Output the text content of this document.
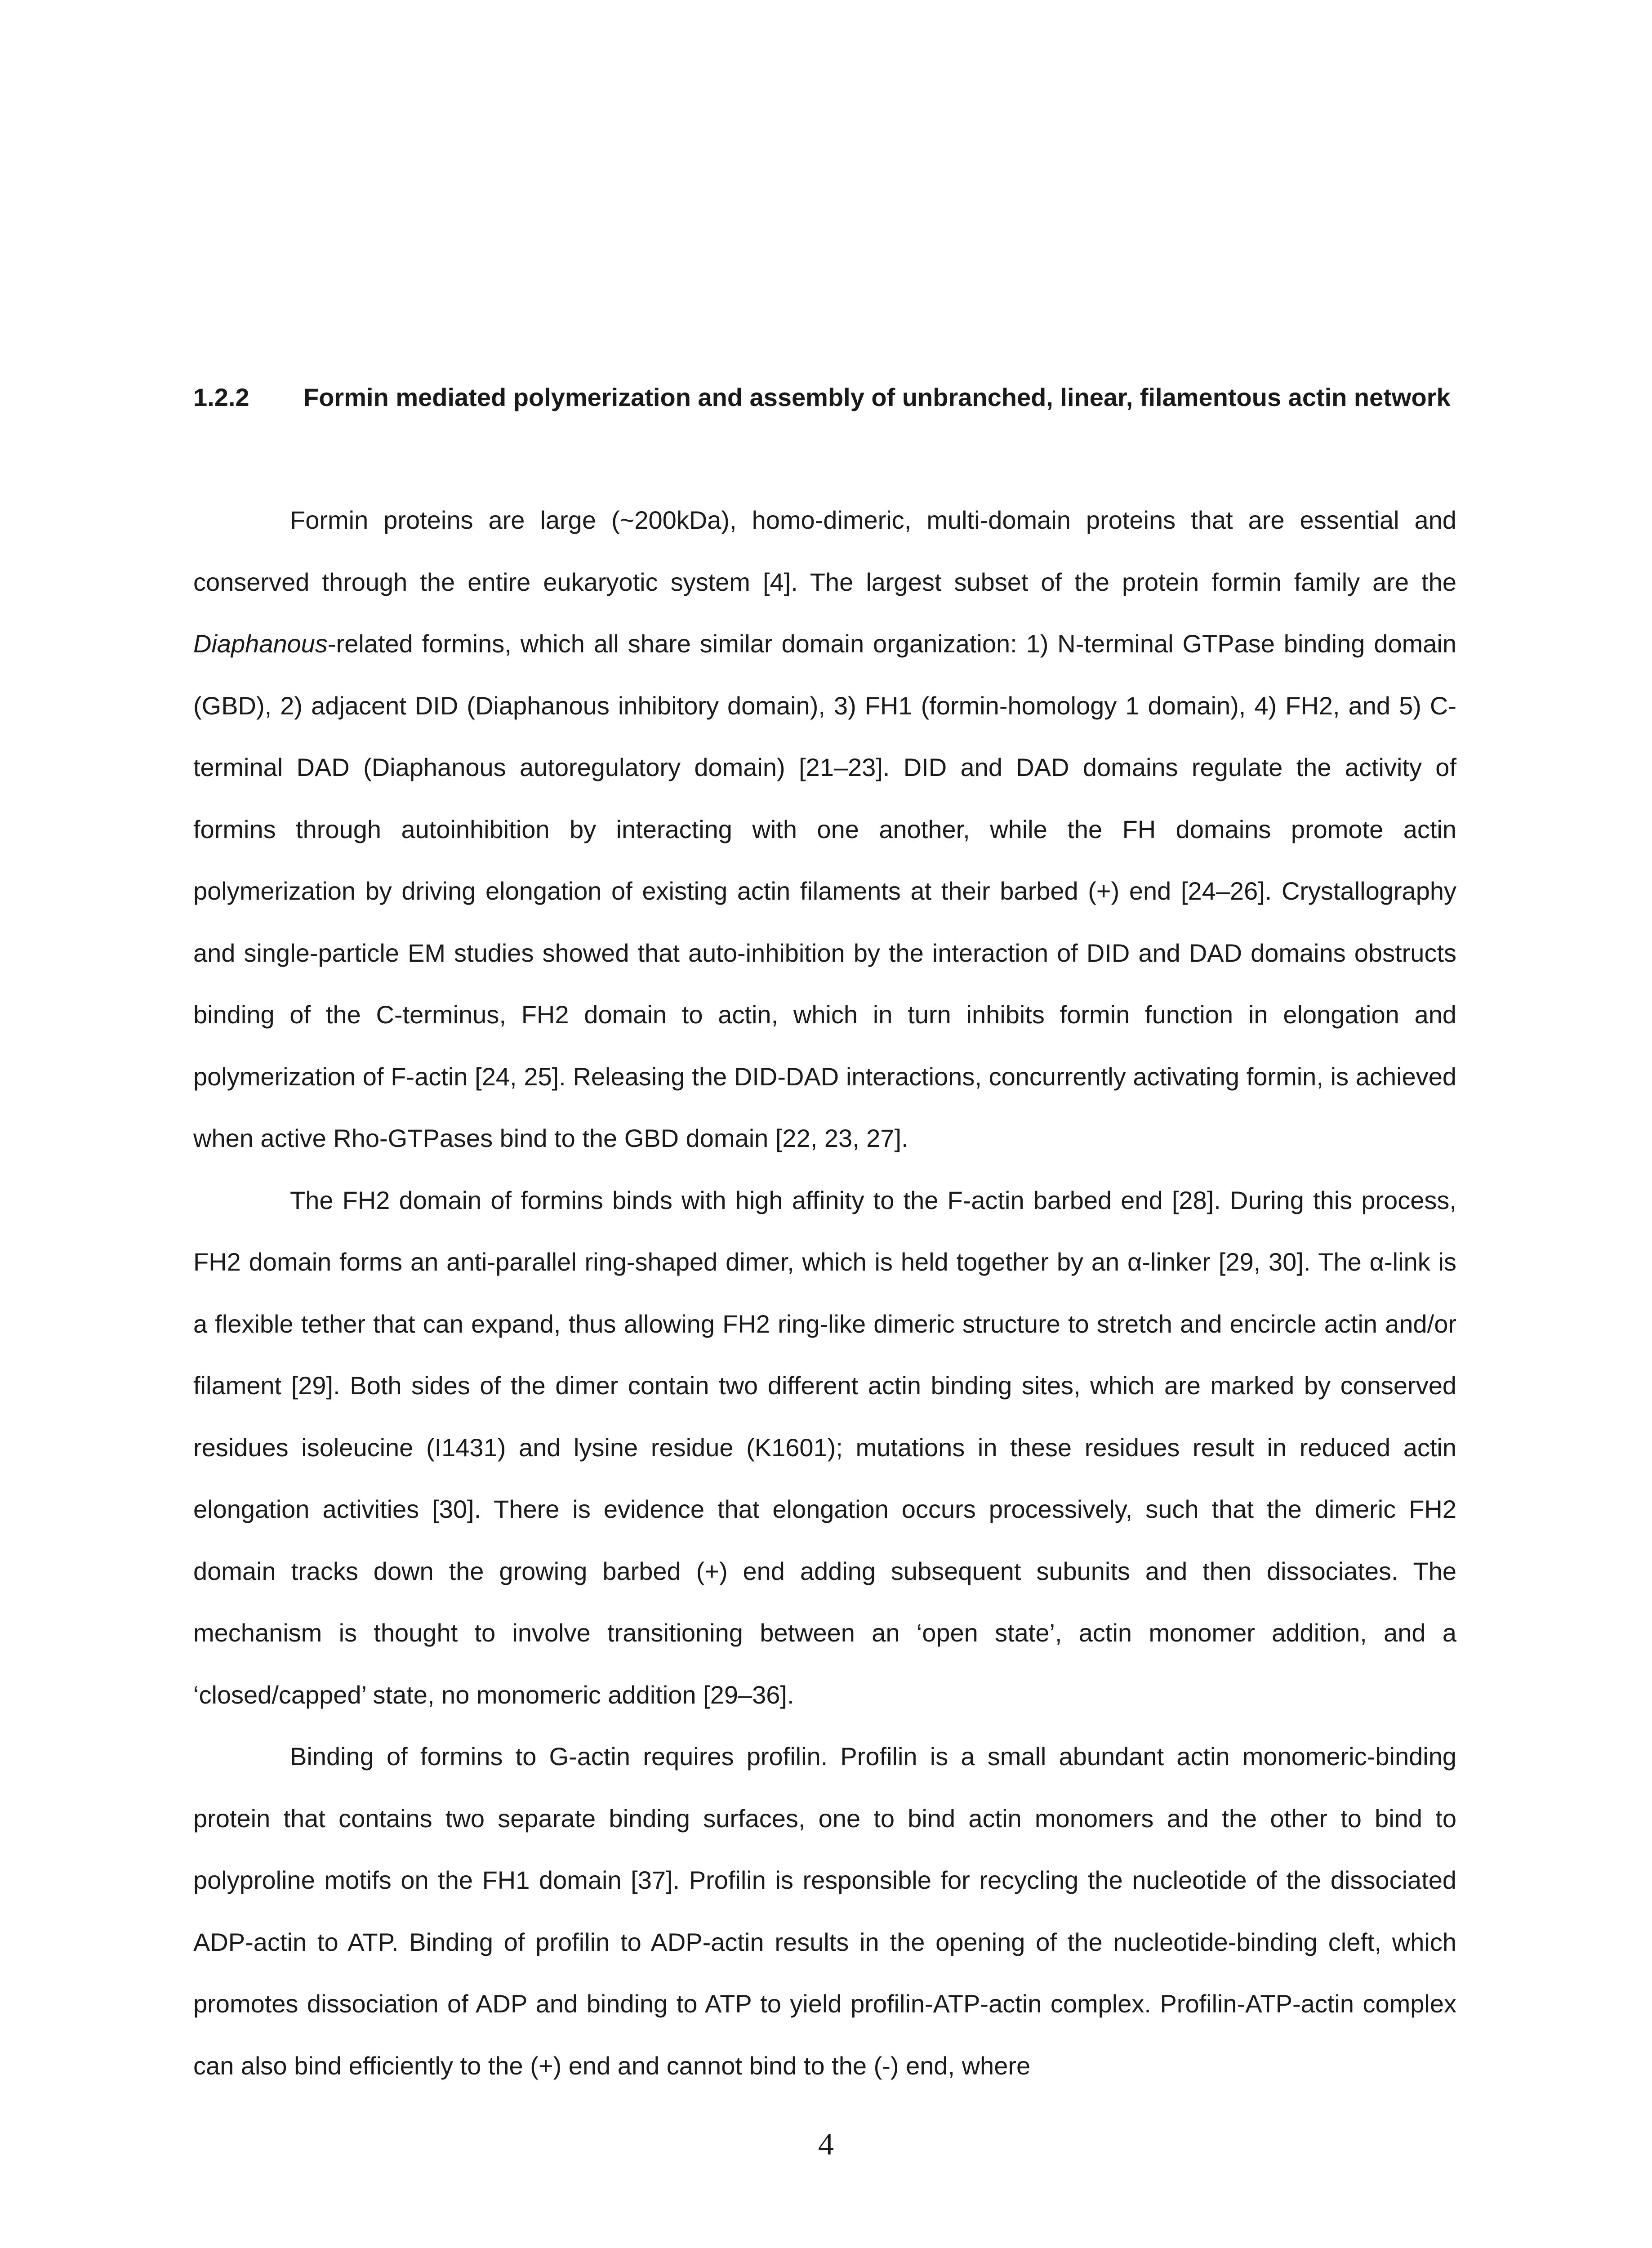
1.2.2 Formin mediated polymerization and assembly of unbranched, linear, filamentous actin network

Formin proteins are large (~200kDa), homo-dimeric, multi-domain proteins that are essential and conserved through the entire eukaryotic system [4]. The largest subset of the protein formin family are the Diaphanous-related formins, which all share similar domain organization: 1) N-terminal GTPase binding domain (GBD), 2) adjacent DID (Diaphanous inhibitory domain), 3) FH1 (formin-homology 1 domain), 4) FH2, and 5) C-terminal DAD (Diaphanous autoregulatory domain) [21–23]. DID and DAD domains regulate the activity of formins through autoinhibition by interacting with one another, while the FH domains promote actin polymerization by driving elongation of existing actin filaments at their barbed (+) end [24–26]. Crystallography and single-particle EM studies showed that auto-inhibition by the interaction of DID and DAD domains obstructs binding of the C-terminus, FH2 domain to actin, which in turn inhibits formin function in elongation and polymerization of F-actin [24, 25]. Releasing the DID-DAD interactions, concurrently activating formin, is achieved when active Rho-GTPases bind to the GBD domain [22, 23, 27].

The FH2 domain of formins binds with high affinity to the F-actin barbed end [28]. During this process, FH2 domain forms an anti-parallel ring-shaped dimer, which is held together by an α-linker [29, 30]. The α-link is a flexible tether that can expand, thus allowing FH2 ring-like dimeric structure to stretch and encircle actin and/or filament [29]. Both sides of the dimer contain two different actin binding sites, which are marked by conserved residues isoleucine (I1431) and lysine residue (K1601); mutations in these residues result in reduced actin elongation activities [30]. There is evidence that elongation occurs processively, such that the dimeric FH2 domain tracks down the growing barbed (+) end adding subsequent subunits and then dissociates. The mechanism is thought to involve transitioning between an ‘open state’, actin monomer addition, and a ‘closed/capped’ state, no monomeric addition [29–36].

Binding of formins to G-actin requires profilin. Profilin is a small abundant actin monomeric-binding protein that contains two separate binding surfaces, one to bind actin monomers and the other to bind to polyproline motifs on the FH1 domain [37]. Profilin is responsible for recycling the nucleotide of the dissociated ADP-actin to ATP. Binding of profilin to ADP-actin results in the opening of the nucleotide-binding cleft, which promotes dissociation of ADP and binding to ATP to yield profilin-ATP-actin complex. Profilin-ATP-actin complex can also bind efficiently to the (+) end and cannot bind to the (-) end, where

4
